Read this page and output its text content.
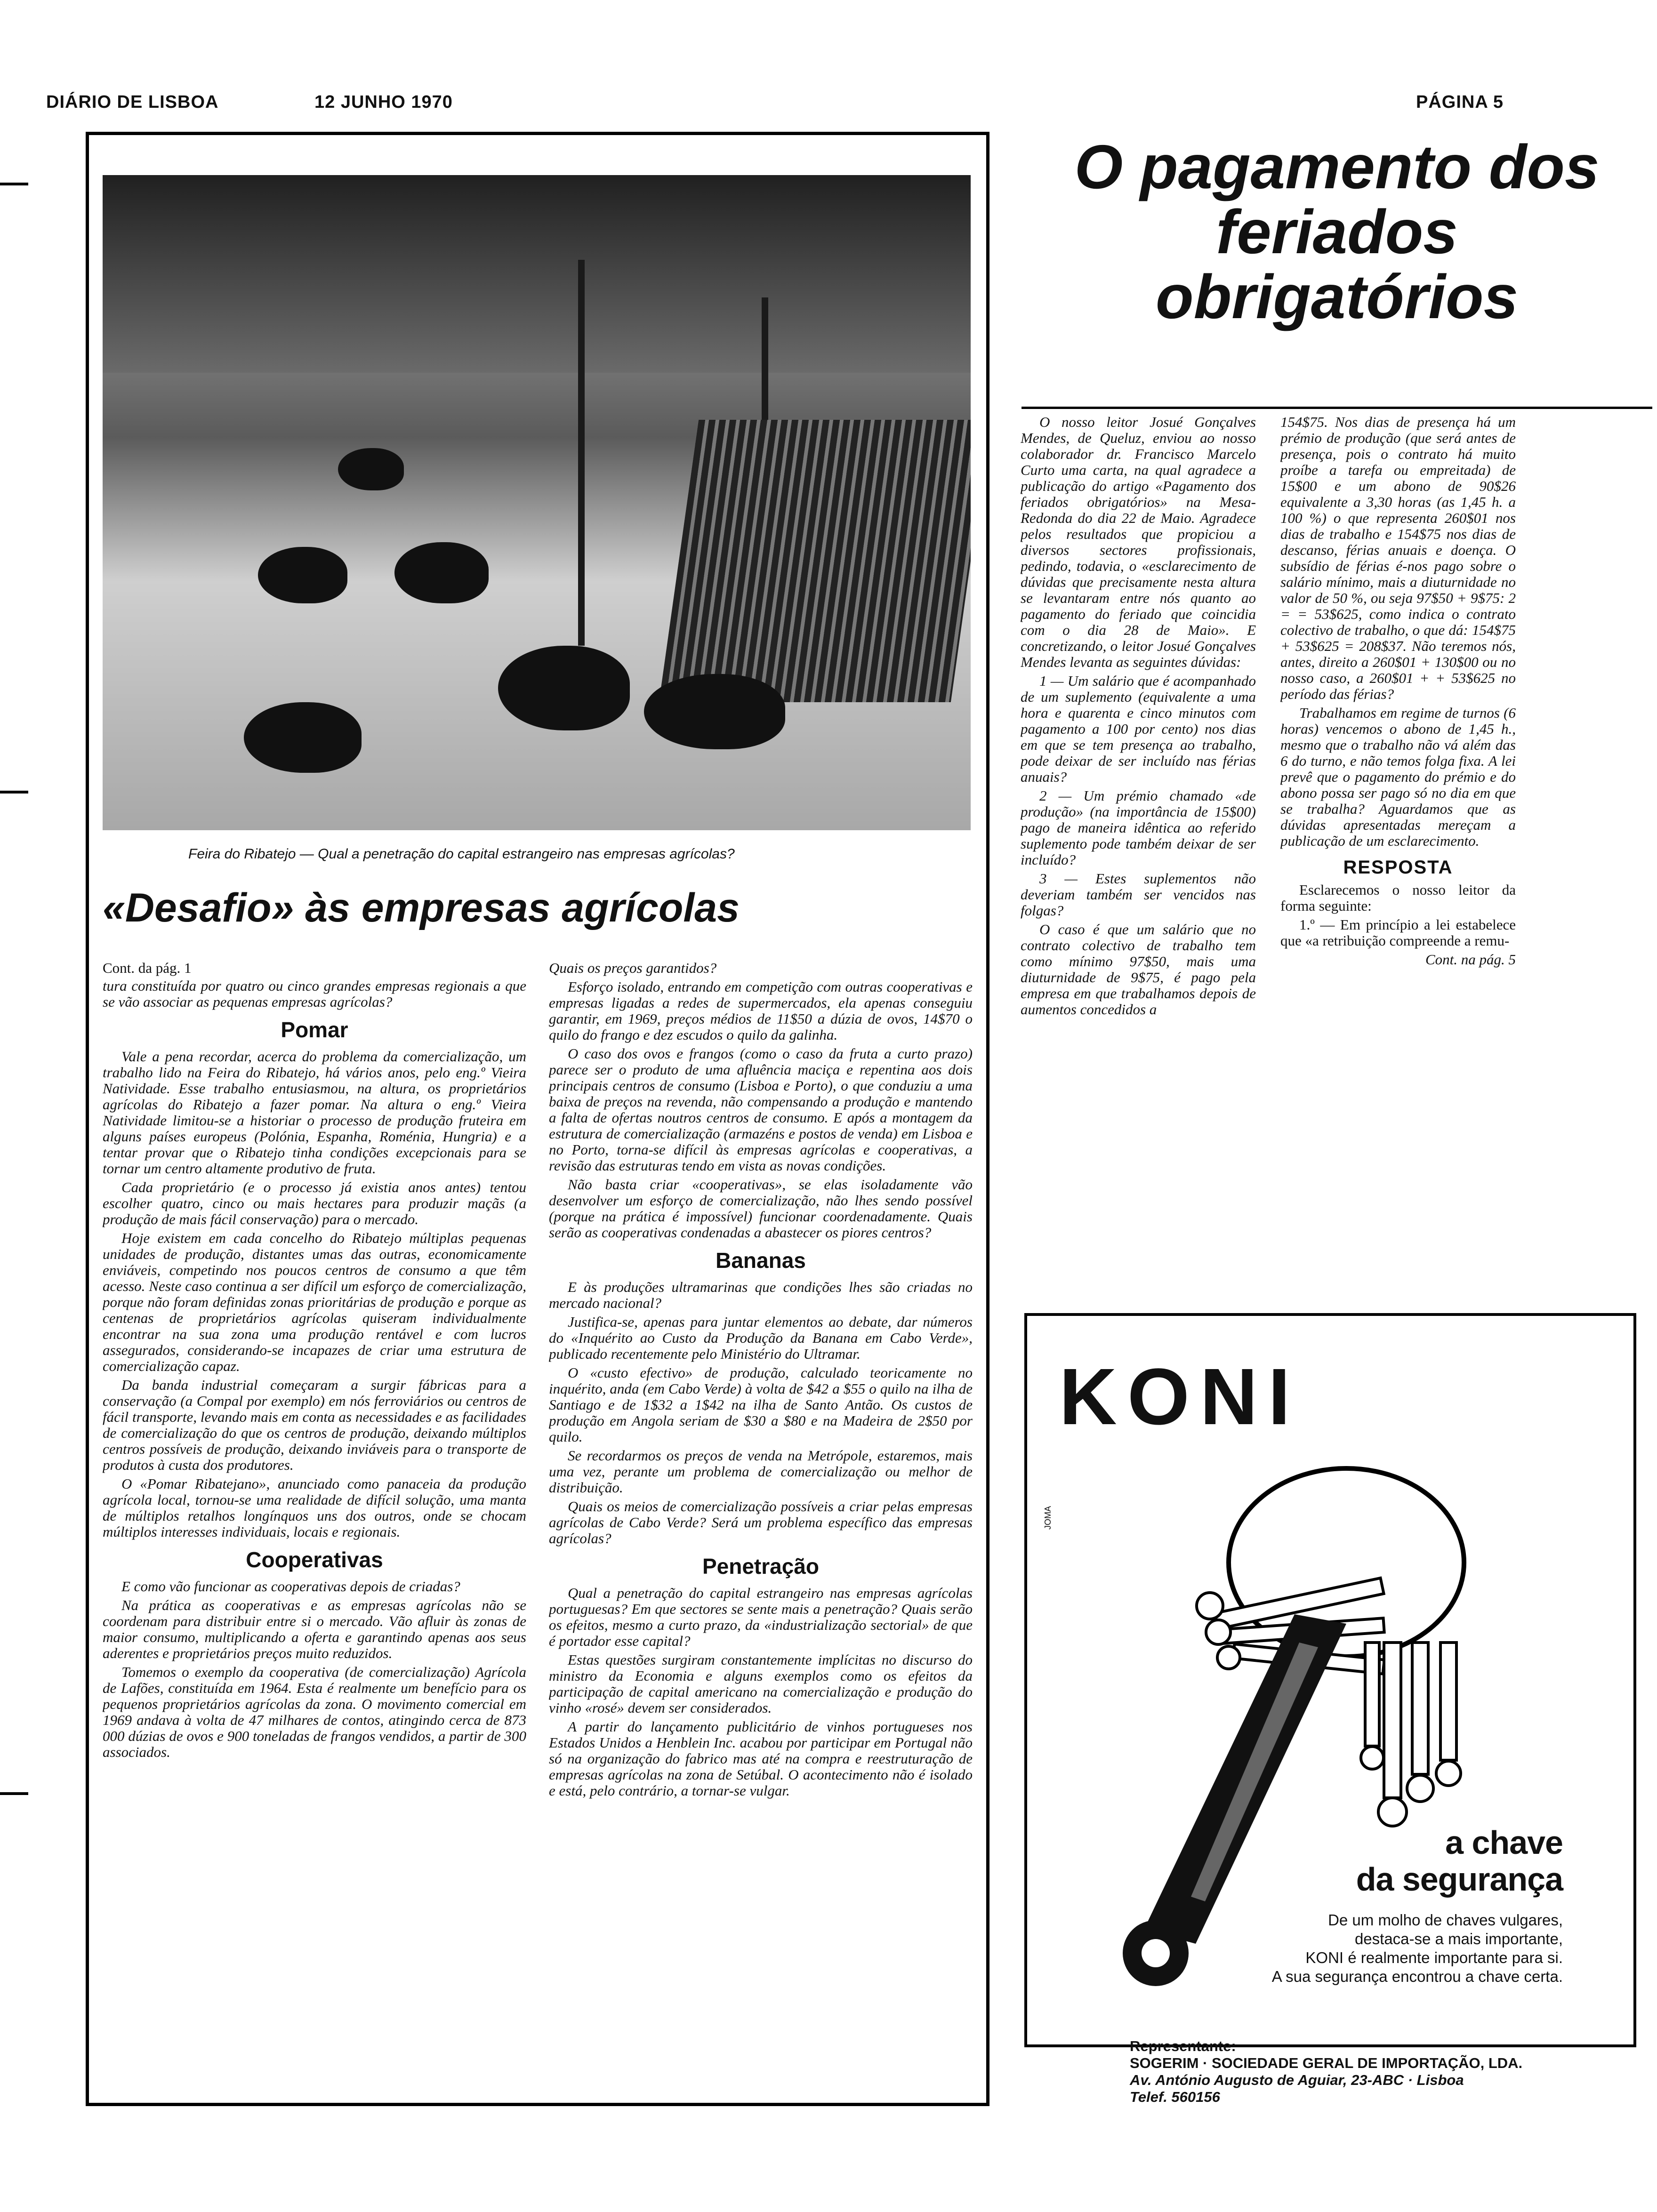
DIÁRIO DE LISBOA	12 JUNHO 1970	PÁGINA 5
Feira do Ribatejo — Qual a penetração do capital estrangeiro nas empresas agrícolas?
«Desafio» às empresas agrícolas
Cont. da pág. 1

tura constituída por quatro ou cinco grandes empresas regionais a que se vão associar as pequenas empresas agrícolas?

Pomar

Vale a pena recordar, acerca do problema da comercialização, um trabalho lido na Feira do Ribatejo, há vários anos, pelo eng.º Vieira Natividade. Esse trabalho entusiasmou, na altura, os proprietários agrícolas do Ribatejo a fazer pomar. Na altura o eng.º Vieira Natividade limitou-se a historiar o processo de produção fruteira em alguns países europeus (Polónia, Espanha, Roménia, Hungria) e a tentar provar que o Ribatejo tinha condições excepcionais para se tornar um centro altamente produtivo de fruta.

Cada proprietário (e o processo já existia anos antes) tentou escolher quatro, cinco ou mais hectares para produzir maçãs (a produção de mais fácil conservação) para o mercado.

Hoje existem em cada concelho do Ribatejo múltiplas pequenas unidades de produção, distantes umas das outras, economicamente enviáveis, competindo nos poucos centros de consumo a que têm acesso. Neste caso continua a ser difícil um esforço de comercialização, porque não foram definidas zonas prioritárias de produção e porque as centenas de proprietários agrícolas quiseram individualmente encontrar na sua zona uma produção rentável e com lucros assegurados, considerando-se incapazes de criar uma estrutura de comercialização capaz.

Da banda industrial começaram a surgir fábricas para a conservação (a Compal por exemplo) em nós ferroviários ou centros de fácil transporte, levando mais em conta as necessidades e as facilidades de comercialização do que os centros de produção, deixando múltiplos centros possíveis de produção, deixando inviáveis para o transporte de produtos à custa dos produtores.

O «Pomar Ribatejano», anunciado como panaceia da produção agrícola local, tornou-se uma realidade de difícil solução, uma manta de múltiplos retalhos longínquos uns dos outros, onde se chocam múltiplos interesses individuais, locais e regionais.

Cooperativas

E como vão funcionar as cooperativas depois de criadas?

Na prática as cooperativas e as empresas agrícolas não se coordenam para distribuir entre si o mercado. Vão afluir às zonas de maior consumo, multiplicando a oferta e garantindo apenas aos seus aderentes e proprietários preços muito reduzidos.

Tomemos o exemplo da cooperativa (de comercialização) Agrícola de Lafões, constituída em 1964. Esta é realmente um benefício para os pequenos proprietários agrícolas da zona. O movimento comercial em 1969 andava à volta de 47 milhares de contos, atingindo cerca de 873 000 dúzias de ovos e 900 toneladas de frangos vendidos, a partir de 300 associados.

Quais os preços garantidos?

Esforço isolado, entrando em competição com outras cooperativas e empresas ligadas a redes de supermercados, ela apenas conseguiu garantir, em 1969, preços médios de 11$50 a dúzia de ovos, 14$70 o quilo do frango e dez escudos o quilo da galinha.

O caso dos ovos e frangos (como o caso da fruta a curto prazo) parece ser o produto de uma afluência maciça e repentina aos dois principais centros de consumo (Lisboa e Porto), o que conduziu a uma baixa de preços na revenda, não compensando a produção e mantendo a falta de ofertas noutros centros de consumo. E após a montagem da estrutura de comercialização (armazéns e postos de venda) em Lisboa e no Porto, torna-se difícil às empresas agrícolas e cooperativas, a revisão das estruturas tendo em vista as novas condições.

Não basta criar «cooperativas», se elas isoladamente vão desenvolver um esforço de comercialização, não lhes sendo possível (porque na prática é impossível) funcionar coordenadamente. Quais serão as cooperativas condenadas a abastecer os piores centros?

Bananas

E às produções ultramarinas que condições lhes são criadas no mercado nacional?

Justifica-se, apenas para juntar elementos ao debate, dar números do «Inquérito ao Custo da Produção da Banana em Cabo Verde», publicado recentemente pelo Ministério do Ultramar.

O «custo efectivo» de produção, calculado teoricamente no inquérito, anda (em Cabo Verde) à volta de $42 a $55 o quilo na ilha de Santiago e de 1$32 a 1$42 na ilha de Santo Antão. Os custos de produção em Angola seriam de $30 a $80 e na Madeira de 2$50 por quilo.

Se recordarmos os preços de venda na Metrópole, estaremos, mais uma vez, perante um problema de comercialização ou melhor de distribuição.

Quais os meios de comercialização possíveis a criar pelas empresas agrícolas de Cabo Verde? Será um problema específico das empresas agrícolas?

Penetração

Qual a penetração do capital estrangeiro nas empresas agrícolas portuguesas? Em que sectores se sente mais a penetração? Quais serão os efeitos, mesmo a curto prazo, da «industrialização sectorial» de que é portador esse capital?

Estas questões surgiram constantemente implícitas no discurso do ministro da Economia e alguns exemplos como os efeitos da participação de capital americano na comercialização e produção do vinho «rosé» devem ser considerados.

A partir do lançamento publicitário de vinhos portugueses nos Estados Unidos a Henblein Inc. acabou por participar em Portugal não só na organização do fabrico mas até na compra e reestruturação de empresas agrícolas na zona de Setúbal. O acontecimento não é isolado e está, pelo contrário, a tornar-se vulgar.

O pagamento dos feriados obrigatórios

O nosso leitor Josué Gonçalves Mendes, de Queluz, enviou ao nosso colaborador dr. Francisco Marcelo Curto uma carta, na qual agradece a publicação do artigo «Pagamento dos feriados obrigatórios» na Mesa-Redonda do dia 22 de Maio. Agradece pelos resultados que propiciou a diversos sectores profissionais, pedindo, todavia, o «esclarecimento de dúvidas que precisamente nesta altura se levantaram entre nós quanto ao pagamento do feriado que coincidia com o dia 28 de Maio». E concretizando, o leitor Josué Gonçalves Mendes levanta as seguintes dúvidas:

1 — Um salário que é acompanhado de um suplemento (equivalente a uma hora e quarenta e cinco minutos com pagamento a 100 por cento) nos dias em que se tem presença ao trabalho, pode deixar de ser incluído nas férias anuais?

2 — Um prémio chamado «de produção» (na importância de 15$00) pago de maneira idêntica ao referido suplemento pode também deixar de ser incluído?

3 — Estes suplementos não deveriam também ser vencidos nas folgas?

O caso é que um salário que no contrato colectivo de trabalho tem como mínimo 97$50, mais uma diuturnidade de 9$75, é pago pela empresa em que trabalhamos depois de aumentos concedidos a

154$75. Nos dias de presença há um prémio de produção (que será antes de presença, pois o contrato há muito proíbe a tarefa ou empreitada) de 15$00 e um abono de 90$26 equivalente a 3,30 horas (as 1,45 h. a 100 %) o que representa 260$01 nos dias de trabalho e 154$75 nos dias de descanso, férias anuais e doença. O subsídio de férias é-nos pago sobre o salário mínimo, mais a diuturnidade no valor de 50 %, ou seja 97$50 + 9$75: 2 = = 53$625, como indica o contrato colectivo de trabalho, o que dá: 154$75 + 53$625 = 208$37. Não teremos nós, antes, direito a 260$01 + 130$00 ou no nosso caso, a 260$01 + + 53$625 no período das férias?

Trabalhamos em regime de turnos (6 horas) vencemos o abono de 1,45 h., mesmo que o trabalho não vá além das 6 do turno, e não temos folga fixa. A lei prevê que o pagamento do prémio e do abono possa ser pago só no dia em que se trabalha? Aguardamos que as dúvidas apresentadas mereçam a publicação de um esclarecimento.

RESPOSTA

Esclarecemos o nosso leitor da forma seguinte:

1.º — Em princípio a lei estabelece que «a retribuição compreende a remu-

Cont. na pág. 5
KONI
JOMA
a chave
da segurança
De um molho de chaves vulgares,
destaca-se a mais importante,
KONI é realmente importante para si.
A sua segurança encontrou a chave certa.
Representante:
SOGERIM · SOCIEDADE GERAL DE IMPORTAÇÃO, LDA.
Av. António Augusto de Aguiar, 23-ABC · Lisboa
Telef. 560156
